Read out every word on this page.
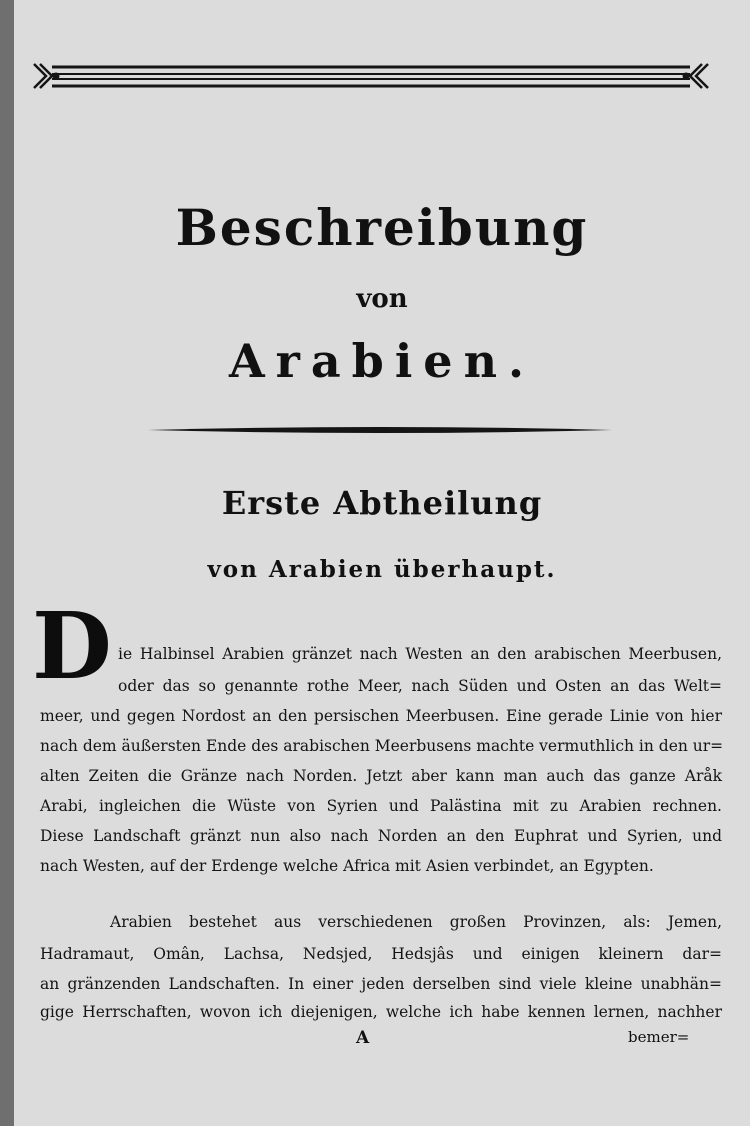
Beschreibung
von
Arabien.
Erste Abtheilung
von Arabien überhaupt.
D ie Halbinsel Arabien gränzet nach Westen an den arabischen Meerbusen,
oder das so genannte rothe Meer, nach Süden und Osten an das Welt=
meer, und gegen Nordost an den persischen Meerbusen. Eine gerade Linie von hier
nach dem äußersten Ende des arabischen Meerbusens machte vermuthlich in den ur=
alten Zeiten die Gränze nach Norden. Jetzt aber kann man auch das ganze Aråk
Arabi, ingleichen die Wüste von Syrien und Palästina mit zu Arabien rechnen.
Diese Landschaft gränzt nun also nach Norden an den Euphrat und Syrien, und
nach Westen, auf der Erdenge welche Africa mit Asien verbindet, an Egypten.
Arabien bestehet aus verschiedenen großen Provinzen, als: Jemen,
Hadramaut, Omân, Lachsa, Nedsjed, Hedsjâs und einigen kleinern dar=
an gränzenden Landschaften. In einer jeden derselben sind viele kleine unabhän=
gige Herrschaften, wovon ich diejenigen, welche ich habe kennen lernen, nachher
A	bemer=
